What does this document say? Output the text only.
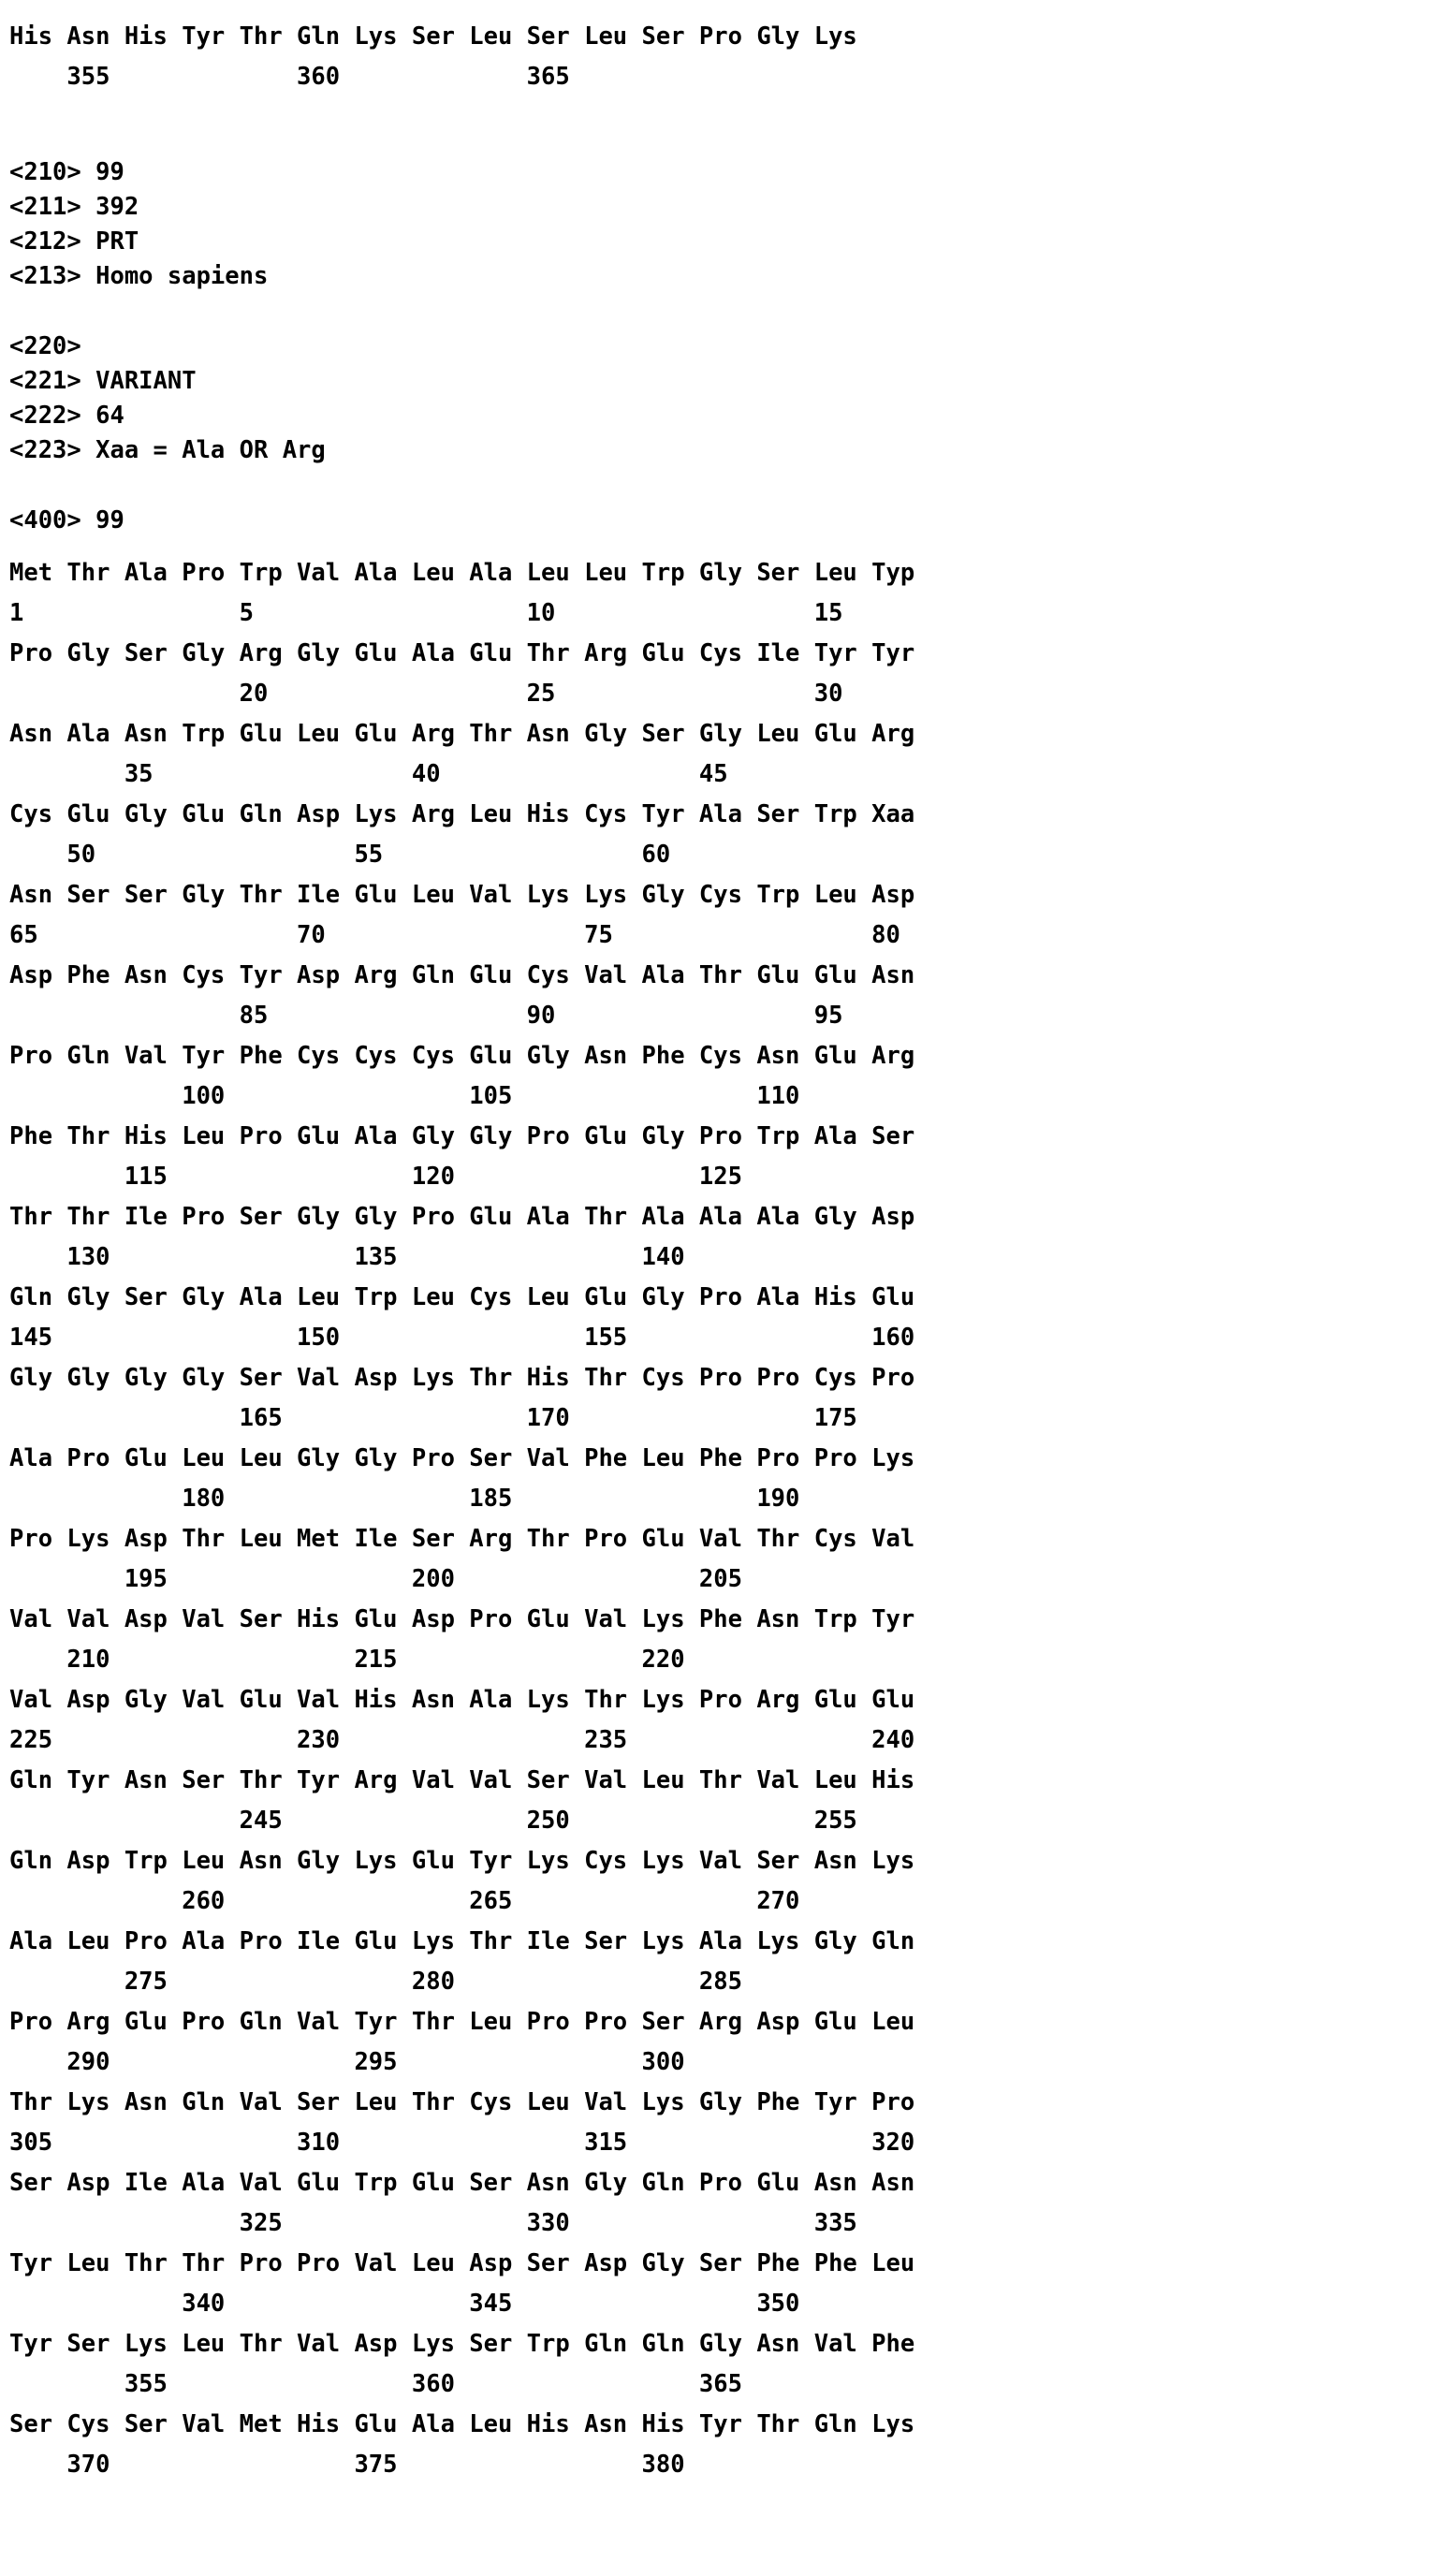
His Asn His Tyr Thr Gln Lys Ser Leu Ser Leu Ser Pro Gly Lys
355             360             365
<210> 99
<211> 392
<212> PRT
<213> Homo sapiens
<220>
<221> VARIANT
<222> 64
<223> Xaa = Ala OR Arg
<400> 99
Met Thr Ala Pro Trp Val Ala Leu Ala Leu Leu Trp Gly Ser Leu Typ
1               5                   10                  15
Pro Gly Ser Gly Arg Gly Glu Ala Glu Thr Arg Glu Cys Ile Tyr Tyr
20                  25                  30
Asn Ala Asn Trp Glu Leu Glu Arg Thr Asn Gly Ser Gly Leu Glu Arg
35                  40                  45
Cys Glu Gly Glu Gln Asp Lys Arg Leu His Cys Tyr Ala Ser Trp Xaa
50                  55                  60
Asn Ser Ser Gly Thr Ile Glu Leu Val Lys Lys Gly Cys Trp Leu Asp
65                  70                  75                  80
Asp Phe Asn Cys Tyr Asp Arg Gln Glu Cys Val Ala Thr Glu Glu Asn
85                  90                  95
Pro Gln Val Tyr Phe Cys Cys Cys Glu Gly Asn Phe Cys Asn Glu Arg
100                 105                 110
Phe Thr His Leu Pro Glu Ala Gly Gly Pro Glu Gly Pro Trp Ala Ser
115                 120                 125
Thr Thr Ile Pro Ser Gly Gly Pro Glu Ala Thr Ala Ala Ala Gly Asp
130                 135                 140
Gln Gly Ser Gly Ala Leu Trp Leu Cys Leu Glu Gly Pro Ala His Glu
145                 150                 155                 160
Gly Gly Gly Gly Ser Val Asp Lys Thr His Thr Cys Pro Pro Cys Pro
165                 170                 175
Ala Pro Glu Leu Leu Gly Gly Pro Ser Val Phe Leu Phe Pro Pro Lys
180                 185                 190
Pro Lys Asp Thr Leu Met Ile Ser Arg Thr Pro Glu Val Thr Cys Val
195                 200                 205
Val Val Asp Val Ser His Glu Asp Pro Glu Val Lys Phe Asn Trp Tyr
210                 215                 220
Val Asp Gly Val Glu Val His Asn Ala Lys Thr Lys Pro Arg Glu Glu
225                 230                 235                 240
Gln Tyr Asn Ser Thr Tyr Arg Val Val Ser Val Leu Thr Val Leu His
245                 250                 255
Gln Asp Trp Leu Asn Gly Lys Glu Tyr Lys Cys Lys Val Ser Asn Lys
260                 265                 270
Ala Leu Pro Ala Pro Ile Glu Lys Thr Ile Ser Lys Ala Lys Gly Gln
275                 280                 285
Pro Arg Glu Pro Gln Val Tyr Thr Leu Pro Pro Ser Arg Asp Glu Leu
290                 295                 300
Thr Lys Asn Gln Val Ser Leu Thr Cys Leu Val Lys Gly Phe Tyr Pro
305                 310                 315                 320
Ser Asp Ile Ala Val Glu Trp Glu Ser Asn Gly Gln Pro Glu Asn Asn
325                 330                 335
Tyr Leu Thr Thr Pro Pro Val Leu Asp Ser Asp Gly Ser Phe Phe Leu
340                 345                 350
Tyr Ser Lys Leu Thr Val Asp Lys Ser Trp Gln Gln Gly Asn Val Phe
355                 360                 365
Ser Cys Ser Val Met His Glu Ala Leu His Asn His Tyr Thr Gln Lys
370                 375                 380
